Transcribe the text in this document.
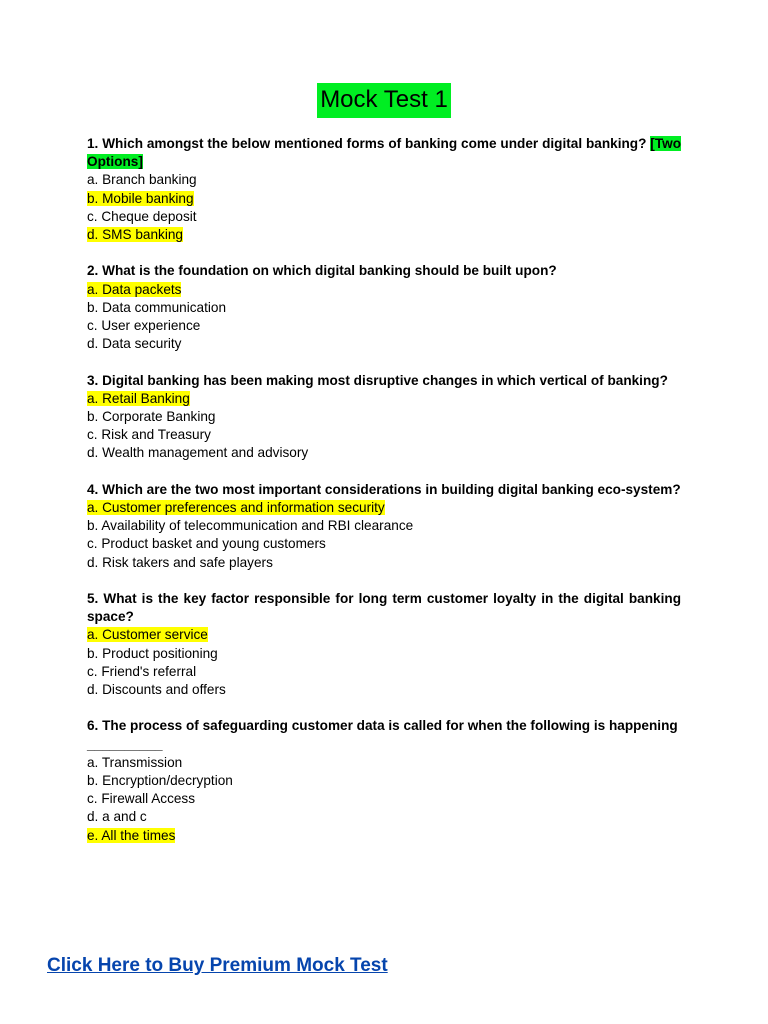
Mock Test 1
1. Which amongst the below mentioned forms of banking come under digital banking? [Two Options]
a. Branch banking
b. Mobile banking
c. Cheque deposit
d. SMS banking
2. What is the foundation on which digital banking should be built upon?
a. Data packets
b. Data communication
c. User experience
d. Data security
3. Digital banking has been making most disruptive changes in which vertical of banking?
a. Retail Banking
b. Corporate Banking
c. Risk and Treasury
d. Wealth management and advisory
4. Which are the two most important considerations in building digital banking eco-system?
a. Customer preferences and information security
b. Availability of telecommunication and RBI clearance
c. Product basket and young customers
d. Risk takers and safe players
5. What is the key factor responsible for long term customer loyalty in the digital banking space?
a. Customer service
b. Product positioning
c. Friend's referral
d. Discounts and offers
6. The process of safeguarding customer data is called for when the following is happening
__________
a. Transmission
b. Encryption/decryption
c. Firewall Access
d. a and c
e. All the times
Click Here to Buy Premium Mock Test
